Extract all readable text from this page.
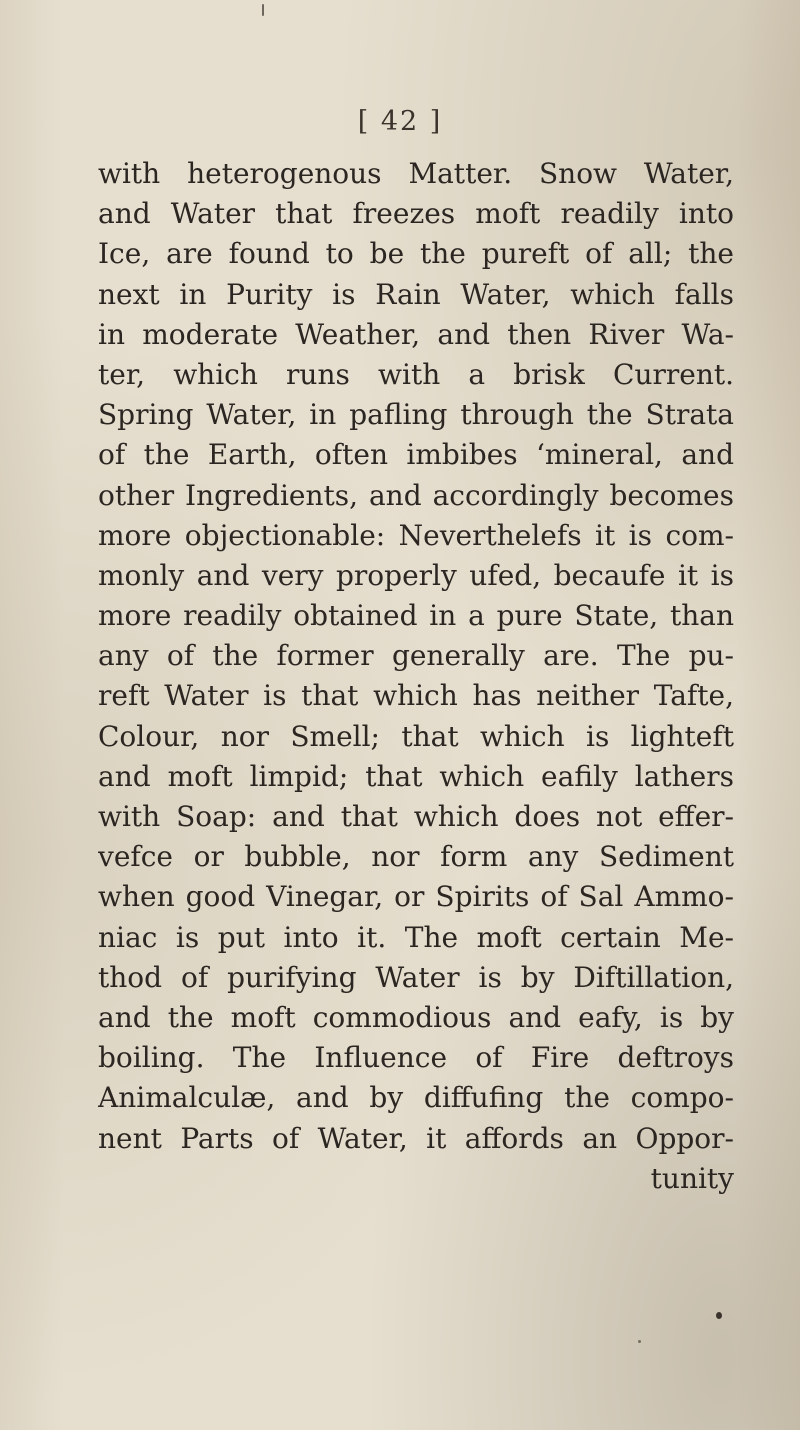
[ 42 ]
with heterogenous Matter. Snow Water,
and Water that freezes moft readily into
Ice, are found to be the pureft of all; the
next in Purity is Rain Water, which falls
in moderate Weather, and then River Wa-
ter, which runs with a brisk Current.
Spring Water, in pafling through the Strata
of the Earth, often imbibes ‘mineral, and
other Ingredients, and accordingly becomes
more objectionable: Neverthelefs it is com-
monly and very properly ufed, becaufe it is
more readily obtained in a pure State, than
any of the former generally are. The pu-
reft Water is that which has neither Tafte,
Colour, nor Smell; that which is lighteft
and moft limpid; that which eafily lathers
with Soap: and that which does not effer-
vefce or bubble, nor form any Sediment
when good Vinegar, or Spirits of Sal Ammo-
niac is put into it. The moft certain Me-
thod of purifying Water is by Diftillation,
and the moft commodious and eafy, is by
boiling. The Influence of Fire deftroys
Animalculæ, and by diffufing the compo-
nent Parts of Water, it affords an Oppor-
tunity
